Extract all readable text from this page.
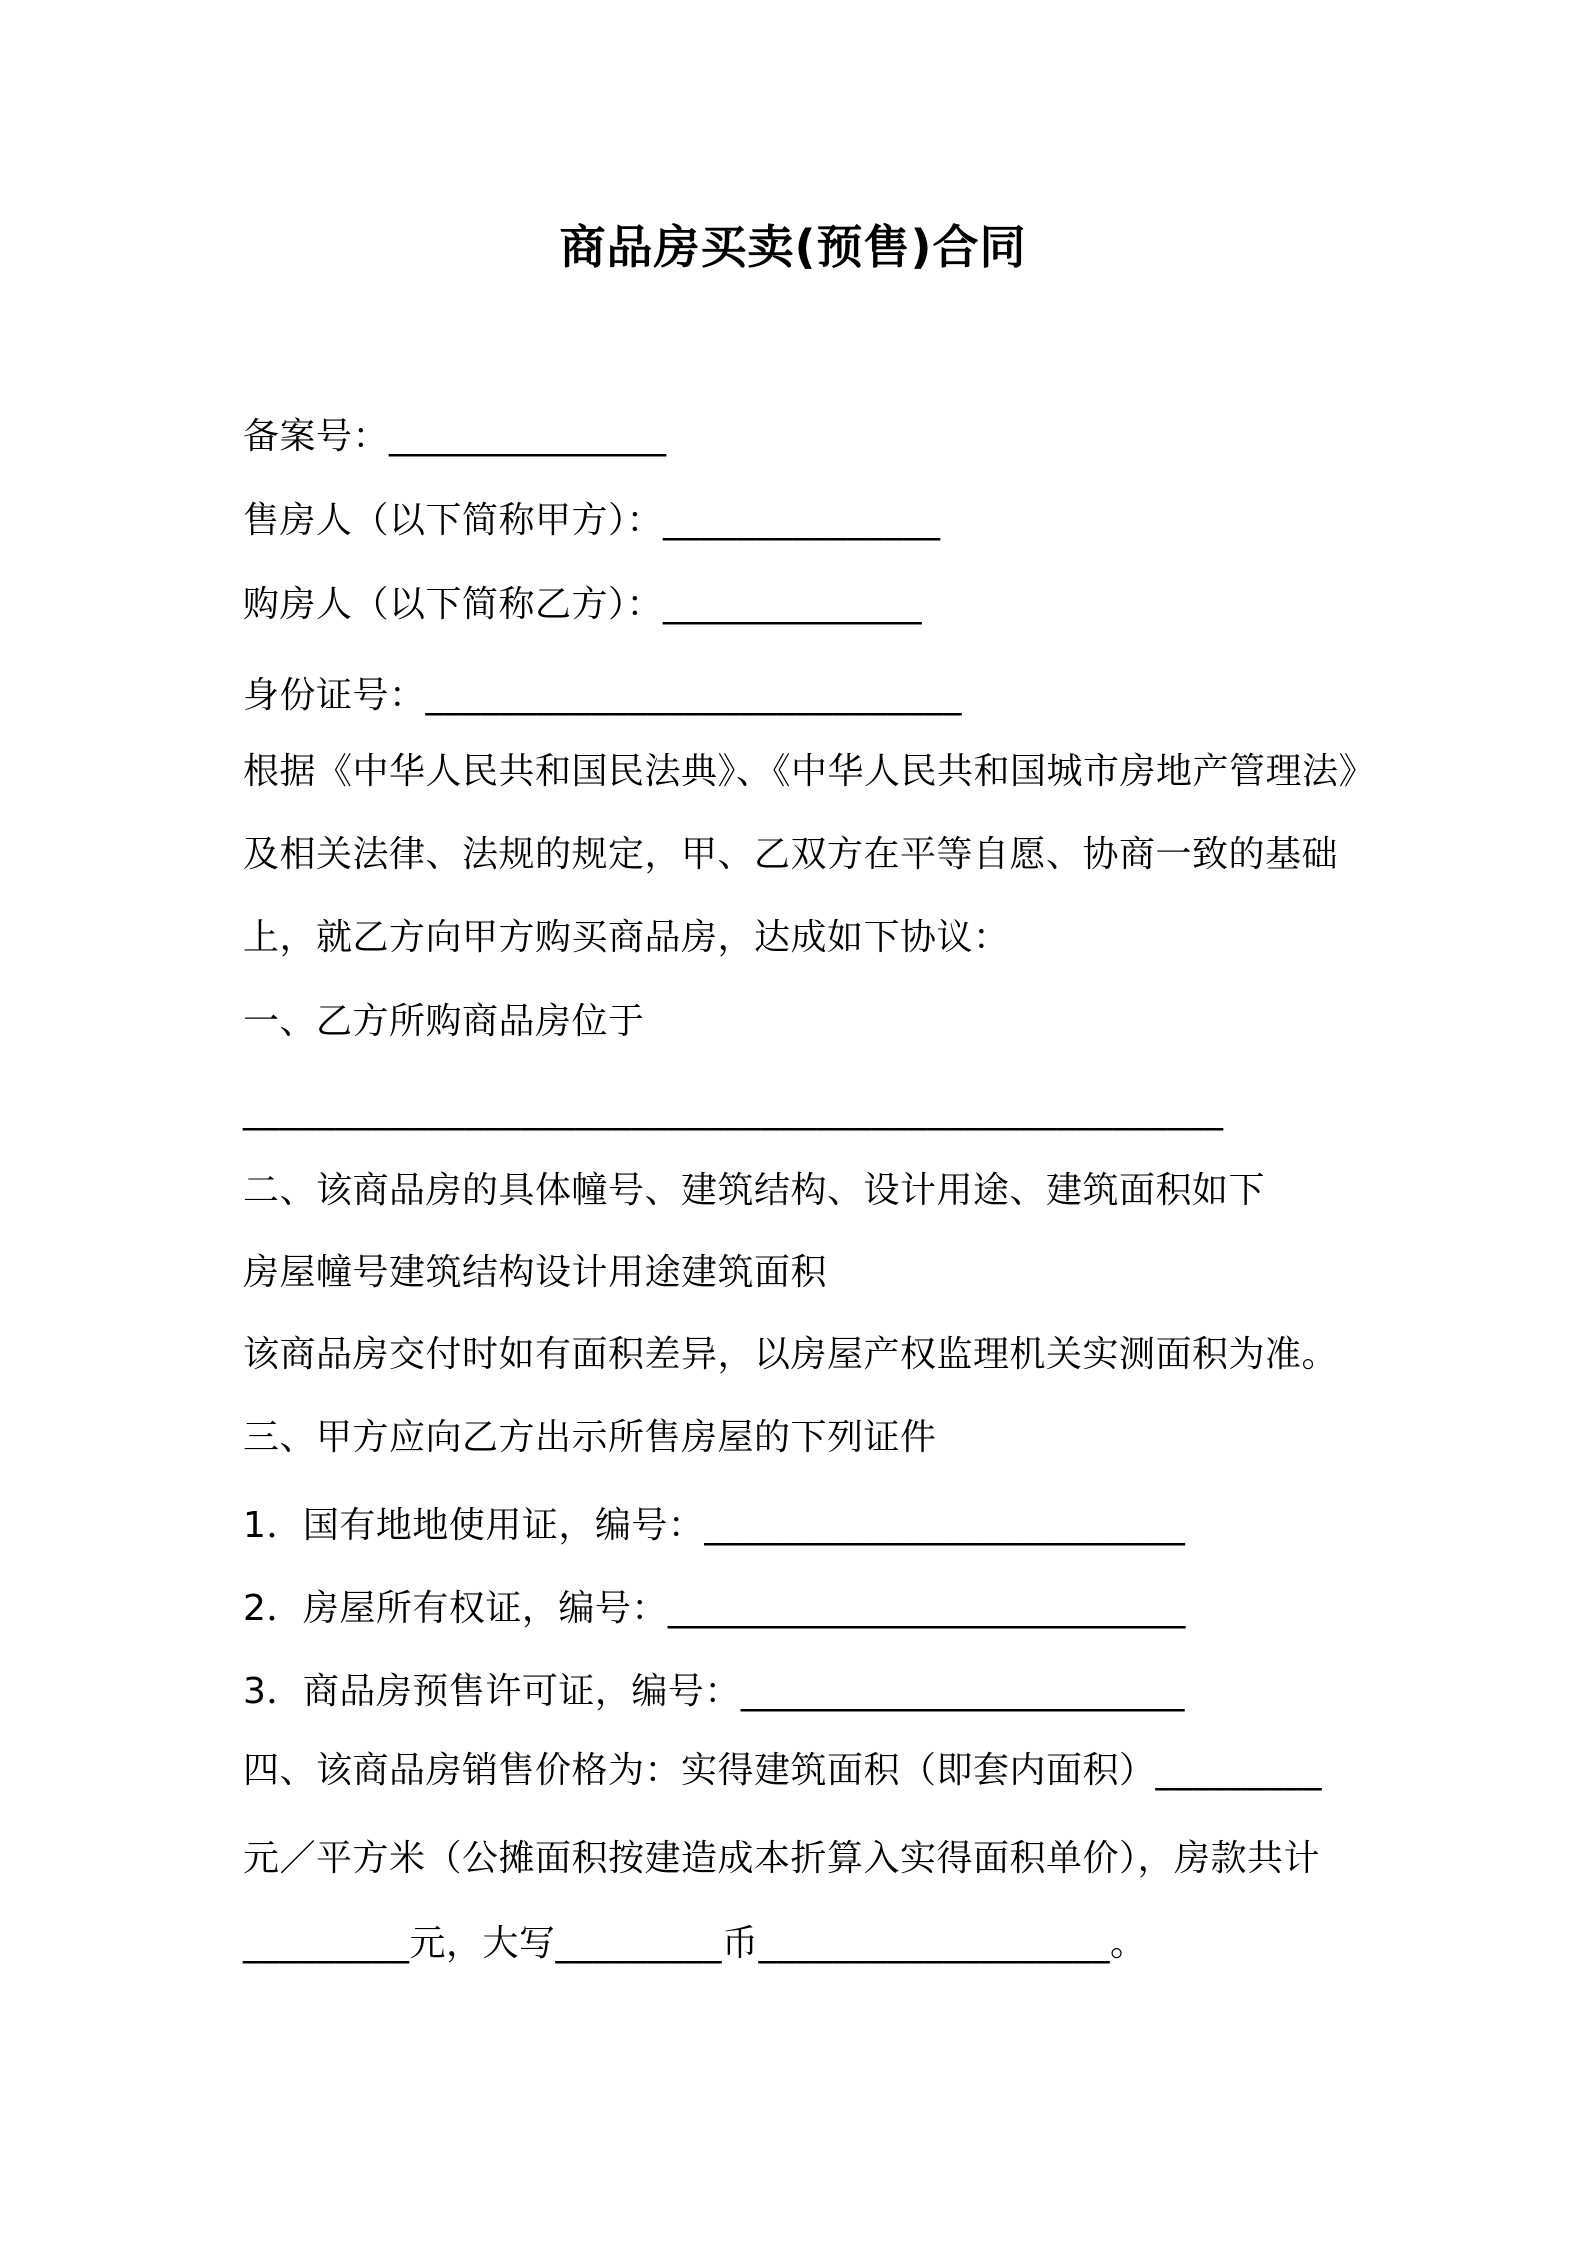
商品房买卖(预售)合同
备案号：_______________
售房人（以下简称甲方）：_______________
购房人（以下简称乙方）：______________
身份证号：_____________________________
根据《中华人民共和国民法典》、《中华人民共和国城市房地产管理法》
及相关法律、法规的规定，甲、乙双方在平等自愿、协商一致的基础
上，就乙方向甲方购买商品房，达成如下协议：
一、乙方所购商品房位于
_____________________________________________________
二、该商品房的具体幢号、建筑结构、设计用途、建筑面积如下
房屋幢号建筑结构设计用途建筑面积
该商品房交付时如有面积差异，以房屋产权监理机关实测面积为准。
三、甲方应向乙方出示所售房屋的下列证件
1．国有地地使用证，编号：__________________________
2．房屋所有权证，编号：____________________________
3．商品房预售许可证，编号：________________________
四、该商品房销售价格为：实得建筑面积（即套内面积）_________
元／平方米（公摊面积按建造成本折算入实得面积单价），房款共计
_________元，大写_________币___________________。
